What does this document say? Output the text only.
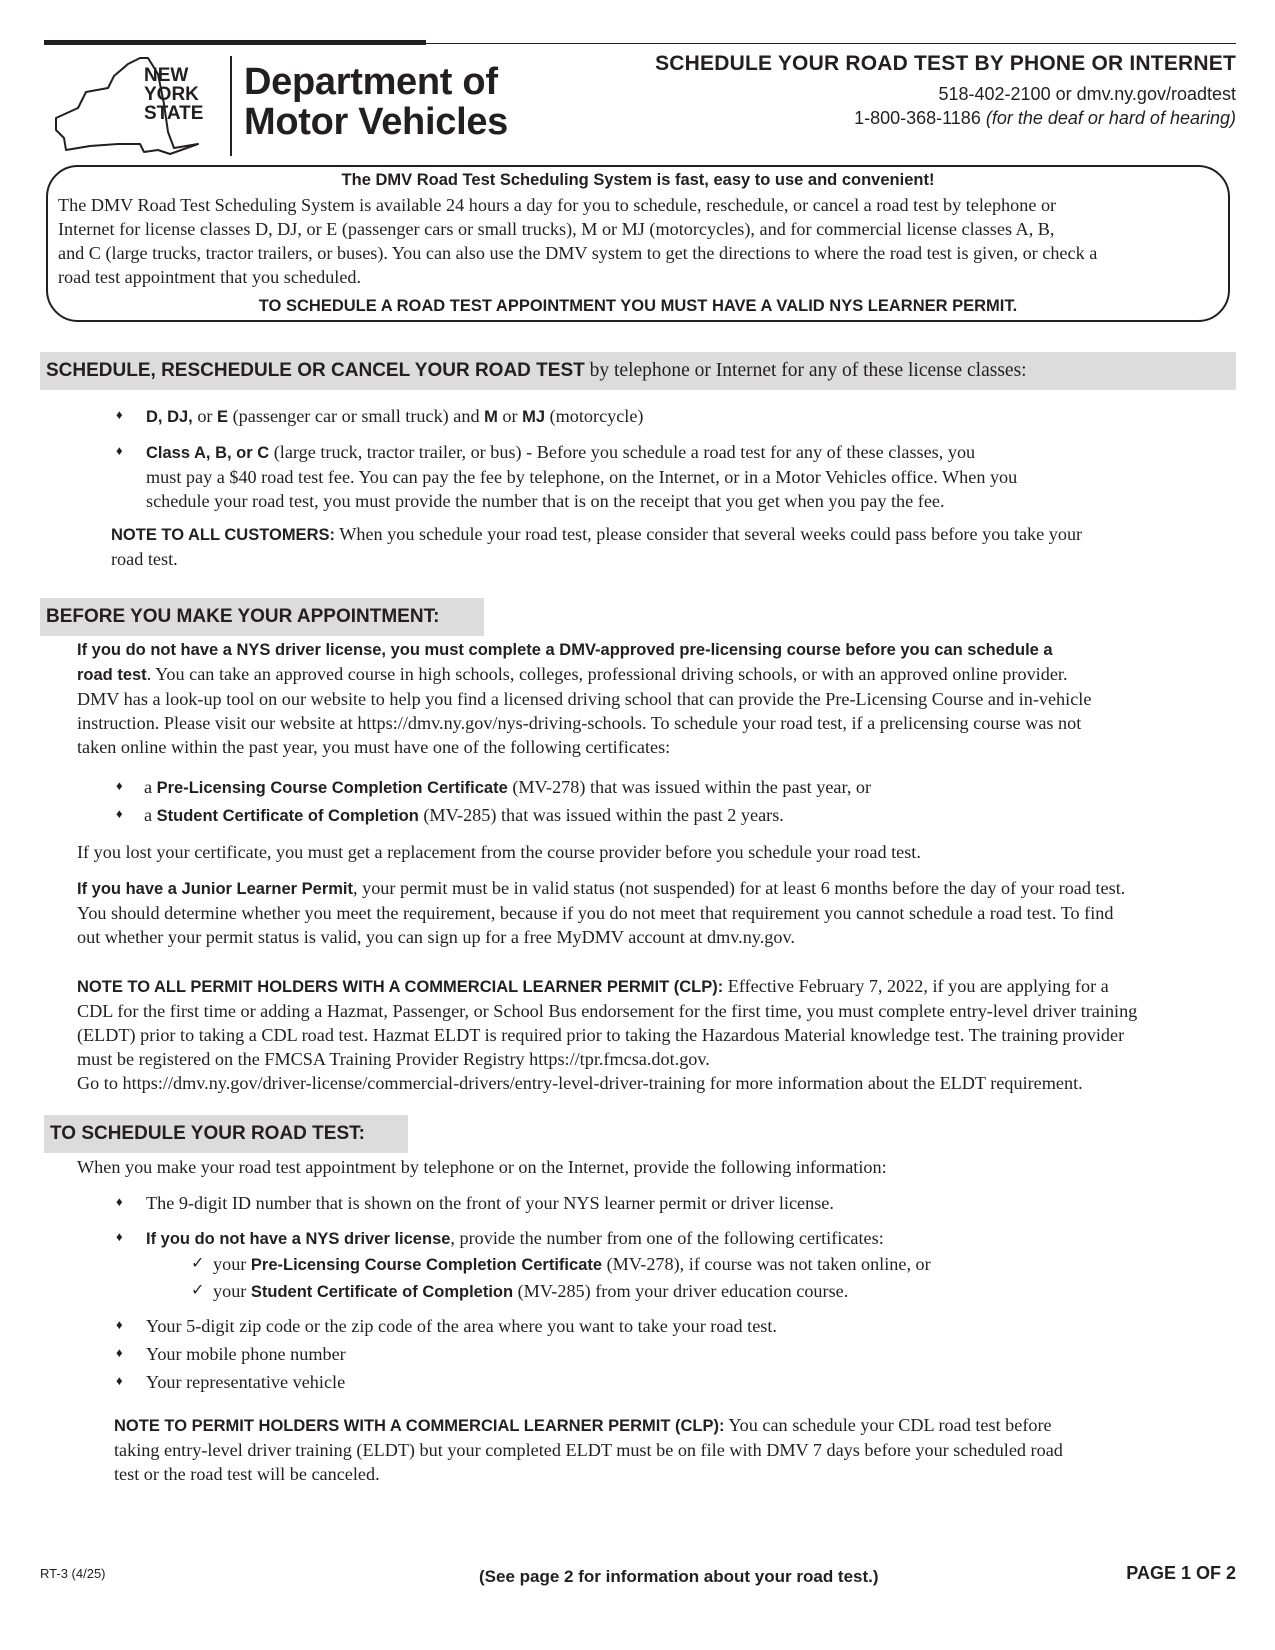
NEW
YORK
STATE
Department of
Motor Vehicles
SCHEDULE YOUR ROAD TEST BY PHONE OR INTERNET
518-402-2100 or dmv.ny.gov/roadtest
1-800-368-1186 (for the deaf or hard of hearing)
The DMV Road Test Scheduling System is fast, easy to use and convenient!
The DMV Road Test Scheduling System is available 24 hours a day for you to schedule, reschedule, or cancel a road test by telephone or
Internet for license classes D, DJ, or E (passenger cars or small trucks), M or MJ (motorcycles), and for commercial license classes A, B,
and C (large trucks, tractor trailers, or buses). You can also use the DMV system to get the directions to where the road test is given, or check a
road test appointment that you scheduled.
TO SCHEDULE A ROAD TEST APPOINTMENT YOU MUST HAVE A VALID NYS LEARNER PERMIT.
SCHEDULE, RESCHEDULE OR CANCEL YOUR ROAD TEST by telephone or Internet for any of these license classes:
♦ D, DJ, or E (passenger car or small truck) and M or MJ (motorcycle)
♦ Class A, B, or C (large truck, tractor trailer, or bus) - Before you schedule a road test for any of these classes, you
must pay a $40 road test fee. You can pay the fee by telephone, on the Internet, or in a Motor Vehicles office. When you
schedule your road test, you must provide the number that is on the receipt that you get when you pay the fee.
NOTE TO ALL CUSTOMERS: When you schedule your road test, please consider that several weeks could pass before you take your
road test.
BEFORE YOU MAKE YOUR APPOINTMENT:
If you do not have a NYS driver license, you must complete a DMV-approved pre-licensing course before you can schedule a
road test. You can take an approved course in high schools, colleges, professional driving schools, or with an approved online provider.
DMV has a look-up tool on our website to help you find a licensed driving school that can provide the Pre-Licensing Course and in-vehicle
instruction. Please visit our website at https://dmv.ny.gov/nys-driving-schools. To schedule your road test, if a prelicensing course was not
taken online within the past year, you must have one of the following certificates:
♦ a Pre-Licensing Course Completion Certificate (MV-278) that was issued within the past year, or
♦ a Student Certificate of Completion (MV-285) that was issued within the past 2 years.
If you lost your certificate, you must get a replacement from the course provider before you schedule your road test.
If you have a Junior Learner Permit, your permit must be in valid status (not suspended) for at least 6 months before the day of your road test.
You should determine whether you meet the requirement, because if you do not meet that requirement you cannot schedule a road test. To find
out whether your permit status is valid, you can sign up for a free MyDMV account at dmv.ny.gov.
NOTE TO ALL PERMIT HOLDERS WITH A COMMERCIAL LEARNER PERMIT (CLP): Effective February 7, 2022, if you are applying for a
CDL for the first time or adding a Hazmat, Passenger, or School Bus endorsement for the first time, you must complete entry-level driver training
(ELDT) prior to taking a CDL road test. Hazmat ELDT is required prior to taking the Hazardous Material knowledge test. The training provider
must be registered on the FMCSA Training Provider Registry https://tpr.fmcsa.dot.gov.
Go to https://dmv.ny.gov/driver-license/commercial-drivers/entry-level-driver-training for more information about the ELDT requirement.
TO SCHEDULE YOUR ROAD TEST:
When you make your road test appointment by telephone or on the Internet, provide the following information:
♦ The 9-digit ID number that is shown on the front of your NYS learner permit or driver license.
♦ If you do not have a NYS driver license, provide the number from one of the following certificates:
✓ your Pre-Licensing Course Completion Certificate (MV-278), if course was not taken online, or
✓ your Student Certificate of Completion (MV-285) from your driver education course.
♦ Your 5-digit zip code or the zip code of the area where you want to take your road test.
♦ Your mobile phone number
♦ Your representative vehicle
NOTE TO PERMIT HOLDERS WITH A COMMERCIAL LEARNER PERMIT (CLP): You can schedule your CDL road test before
taking entry-level driver training (ELDT) but your completed ELDT must be on file with DMV 7 days before your scheduled road
test or the road test will be canceled.
RT-3 (4/25)	(See page 2 for information about your road test.)	PAGE 1 OF 2
